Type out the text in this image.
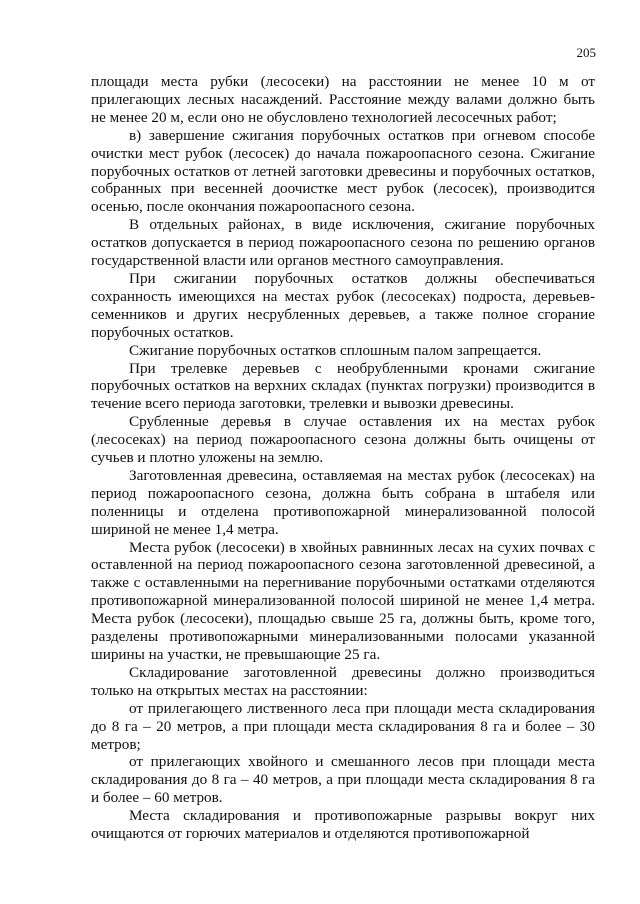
205

площади места рубки (лесосеки) на расстоянии не менее 10 м от прилегающих лесных насаждений. Расстояние между валами должно быть не менее 20 м, если оно не обусловлено технологией лесосечных работ;

в) завершение сжигания порубочных остатков при огневом способе очистки мест рубок (лесосек) до начала пожароопасного сезона. Сжигание порубочных остатков от летней заготовки древесины и порубочных остатков, собранных при весенней доочистке мест рубок (лесосек), производится осенью, после окончания пожароопасного сезона.

В отдельных районах, в виде исключения, сжигание порубочных остатков допускается в период пожароопасного сезона по решению органов государственной власти или органов местного самоуправления.

При сжигании порубочных остатков должны обеспечиваться сохранность имеющихся на местах рубок (лесосеках) подроста, деревьев-семенников и других несрубленных деревьев, а также полное сгорание порубочных остатков.

Сжигание порубочных остатков сплошным палом запрещается.

При трелевке деревьев с необрубленными кронами сжигание порубочных остатков на верхних складах (пунктах погрузки) производится в течение всего периода заготовки, трелевки и вывозки древесины.

Срубленные деревья в случае оставления их на местах рубок (лесосеках) на период пожароопасного сезона должны быть очищены от сучьев и плотно уложены на землю.

Заготовленная древесина, оставляемая на местах рубок (лесосеках) на период пожароопасного сезона, должна быть собрана в штабеля или поленницы и отделена противопожарной минерализованной полосой шириной не менее 1,4 метра.

Места рубок (лесосеки) в хвойных равнинных лесах на сухих почвах с оставленной на период пожароопасного сезона заготовленной древесиной, а также с оставленными на перегнивание порубочными остатками отделяются противопожарной минерализованной полосой шириной не менее 1,4 метра. Места рубок (лесосеки), площадью свыше 25 га, должны быть, кроме того, разделены противопожарными минерализованными полосами указанной ширины на участки, не превышающие 25 га.

Складирование заготовленной древесины должно производиться только на открытых местах на расстоянии:

от прилегающего лиственного леса при площади места складирования до 8 га – 20 метров, а при площади места складирования 8 га и более – 30 метров;

от прилегающих хвойного и смешанного лесов при площади места складирования до 8 га – 40 метров, а при площади места складирования 8 га и более – 60 метров.

Места складирования и противопожарные разрывы вокруг них очищаются от горючих материалов и отделяются противопожарной
